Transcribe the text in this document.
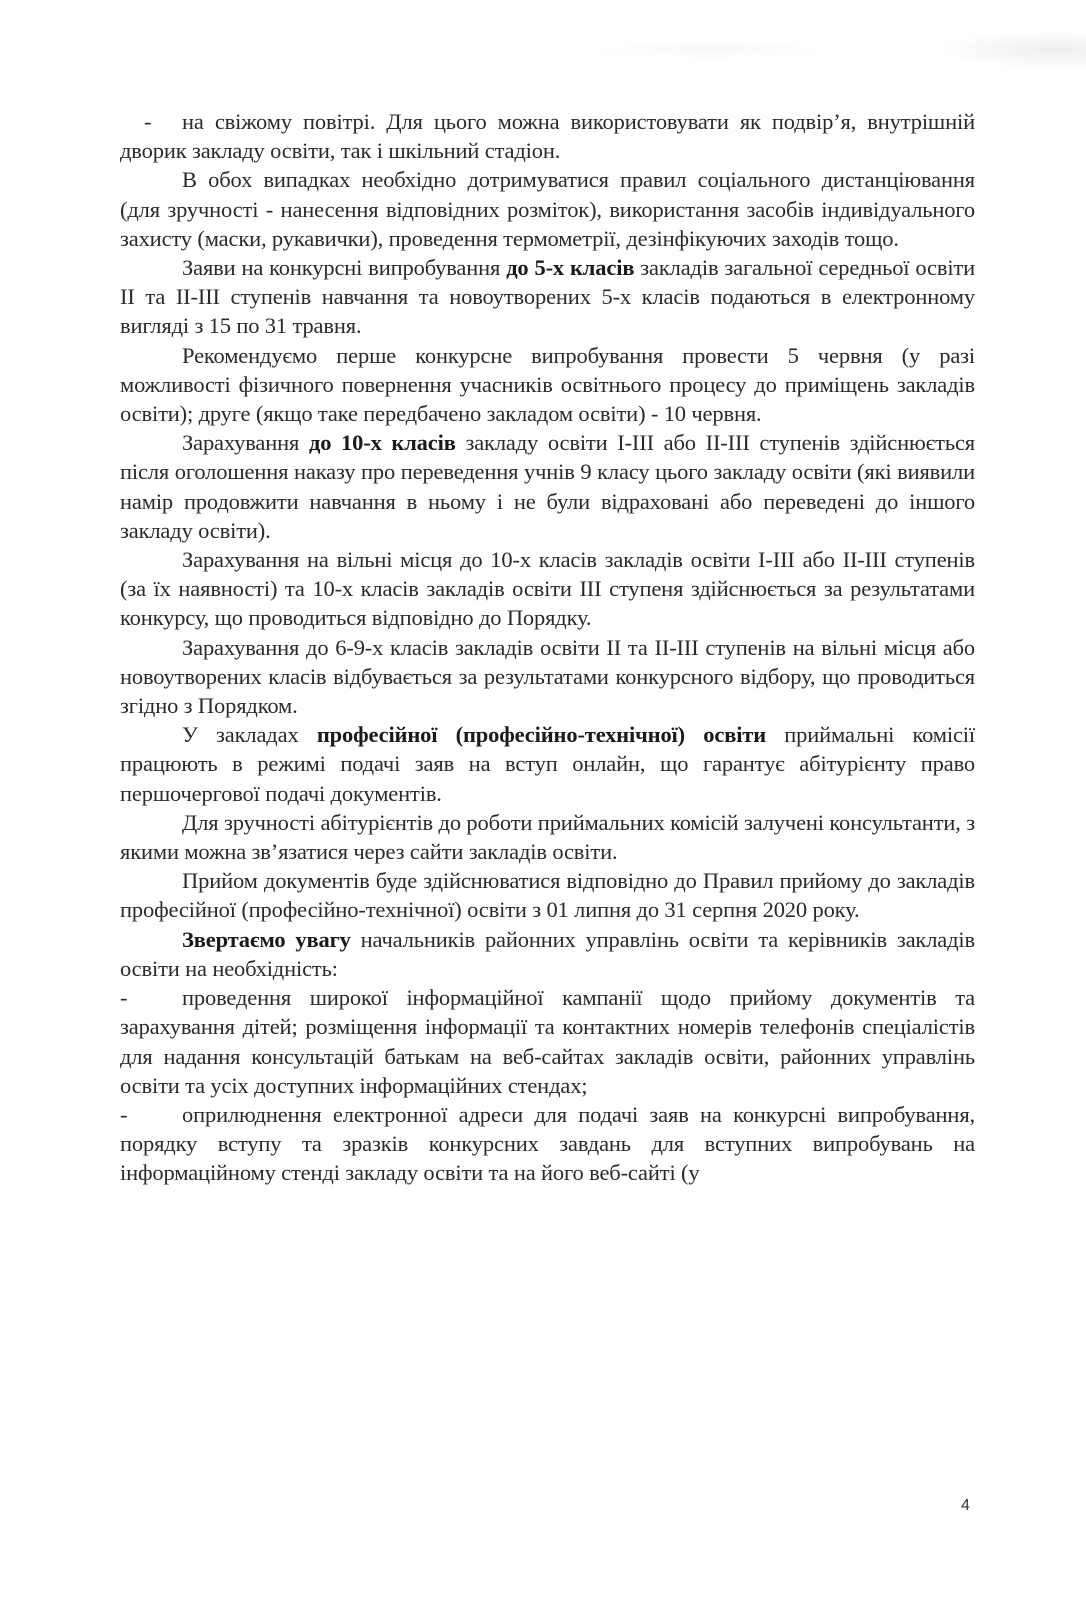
- на свіжому повітрі. Для цього можна використовувати як подвір’я, внутрішній дворик закладу освіти, так і шкільний стадіон.

В обох випадках необхідно дотримуватися правил соціального дистанціювання (для зручності - нанесення відповідних розміток), використання засобів індивідуального захисту (маски, рукавички), проведення термометрії, дезінфікуючих заходів тощо.

Заяви на конкурсні випробування до 5-х класів закладів загальної середньої освіти II та II-III ступенів навчання та новоутворених 5-х класів подаються в електронному вигляді з 15 по 31 травня.

Рекомендуємо перше конкурсне випробування провести 5 червня (у разі можливості фізичного повернення учасників освітнього процесу до приміщень закладів освіти); друге (якщо таке передбачено закладом освіти) - 10 червня.

Зарахування до 10-х класів закладу освіти І-ІІІ або ІІ-ІІІ ступенів здійснюється після оголошення наказу про переведення учнів 9 класу цього закладу освіти (які виявили намір продовжити навчання в ньому і не були відраховані або переведені до іншого закладу освіти).

Зарахування на вільні місця до 10-х класів закладів освіти І-ІІІ або ІІ-ІІІ ступенів (за їх наявності) та 10-х класів закладів освіти ІІІ ступеня здійснюється за результатами конкурсу, що проводиться відповідно до Порядку.

Зарахування до 6-9-х класів закладів освіти ІІ та ІІ-ІІІ ступенів на вільні місця або новоутворених класів відбувається за результатами конкурсного відбору, що проводиться згідно з Порядком.

У закладах професійної (професійно-технічної) освіти приймальні комісії працюють в режимі подачі заяв на вступ онлайн, що гарантує абітурієнту право першочергової подачі документів.

Для зручності абітурієнтів до роботи приймальних комісій залучені консультанти, з якими можна зв’язатися через сайти закладів освіти.

Прийом документів буде здійснюватися відповідно до Правил прийому до закладів професійної (професійно-технічної) освіти з 01 липня до 31 серпня 2020 року.

Звертаємо увагу начальників районних управлінь освіти та керівників закладів освіти на необхідність:

- проведення широкої інформаційної кампанії щодо прийому документів та зарахування дітей; розміщення інформації та контактних номерів телефонів спеціалістів для надання консультацій батькам на веб-сайтах закладів освіти, районних управлінь освіти та усіх доступних інформаційних стендах;

- оприлюднення електронної адреси для подачі заяв на конкурсні випробування, порядку вступу та зразків конкурсних завдань для вступних випробувань на інформаційному стенді закладу освіти та на його веб-сайті (у

4
